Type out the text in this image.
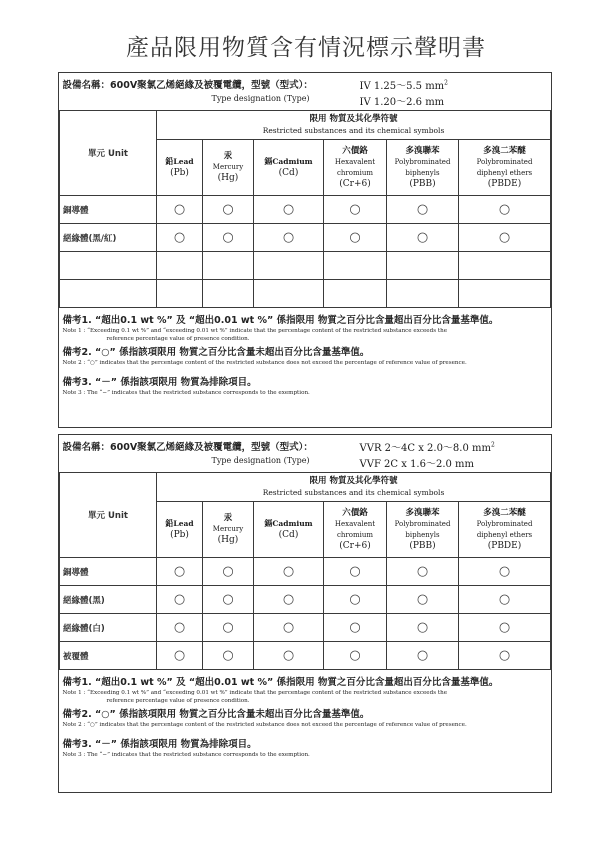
產品限用物質含有情況標示聲明書
設備名稱：600V聚氯乙烯絕緣及被覆電纜，型號（型式）：
Type designation (Type)
IV 1.25～5.5 $mm^2$
IV 1.20～2.6 mm						

單元 Unit	限用 物質及其化學符號
Restricted substances and its chemical symbols					

	鉛Lead
(Pb)	汞
Mercury
(Hg)	鎘Cadmium
(Cd)	六價鉻
Hexavalent
chromium
(Cr+6)	多溴聯苯
Polybrominated
biphenyls
(PBB)	多溴二苯醚
Polybrominated
diphenyl ethers
(PBDE)

銅導體	○	○	○	○	○	○
絕緣體(黑/紅)	○	○	○	○	○	○

備考1. “超出0.1 wt %” 及 “超出0.01 wt %” 係指限用 物質之百分比含量超出百分比含量基準值。
Note 1 : “Exceeding 0.1 wt %” and “exceeding 0.01 wt %” indicate that the percentage content of the restricted substance exceeds the
reference percentage value of presence condition.
備考2. “○” 係指該項限用 物質之百分比含量未超出百分比含量基準值。
Note 2 : “○” indicates that the percentage content of the restricted substance does not exceed the percentage of reference value of presence.
備考3. “－” 係指該項限用 物質為排除項目。
Note 3 : The “−” indicates that the restricted substance corresponds to the exemption.
設備名稱：600V聚氯乙烯絕緣及被覆電纜，型號（型式）：
Type designation (Type)
VVR 2～4C x 2.0～8.0 $mm^2$
VVF 2C x 1.6～2.0 mm						

單元 Unit	限用 物質及其化學符號
Restricted substances and its chemical symbols					

	鉛Lead
(Pb)	汞
Mercury
(Hg)	鎘Cadmium
(Cd)	六價鉻
Hexavalent
chromium
(Cr+6)	多溴聯苯
Polybrominated
biphenyls
(PBB)	多溴二苯醚
Polybrominated
diphenyl ethers
(PBDE)

銅導體	○	○	○	○	○	○
絕緣體(黑)	○	○	○	○	○	○
絕緣體(白)	○	○	○	○	○	○
被覆體	○	○	○	○	○	○

備考1. “超出0.1 wt %” 及 “超出0.01 wt %” 係指限用 物質之百分比含量超出百分比含量基準值。
Note 1 : “Exceeding 0.1 wt %” and “exceeding 0.01 wt %” indicate that the percentage content of the restricted substance exceeds the
reference percentage value of presence condition.
備考2. “○” 係指該項限用 物質之百分比含量未超出百分比含量基準值。
Note 2 : “○” indicates that the percentage content of the restricted substance does not exceed the percentage of reference value of presence.
備考3. “－” 係指該項限用 物質為排除項目。
Note 3 : The “−” indicates that the restricted substance corresponds to the exemption.
